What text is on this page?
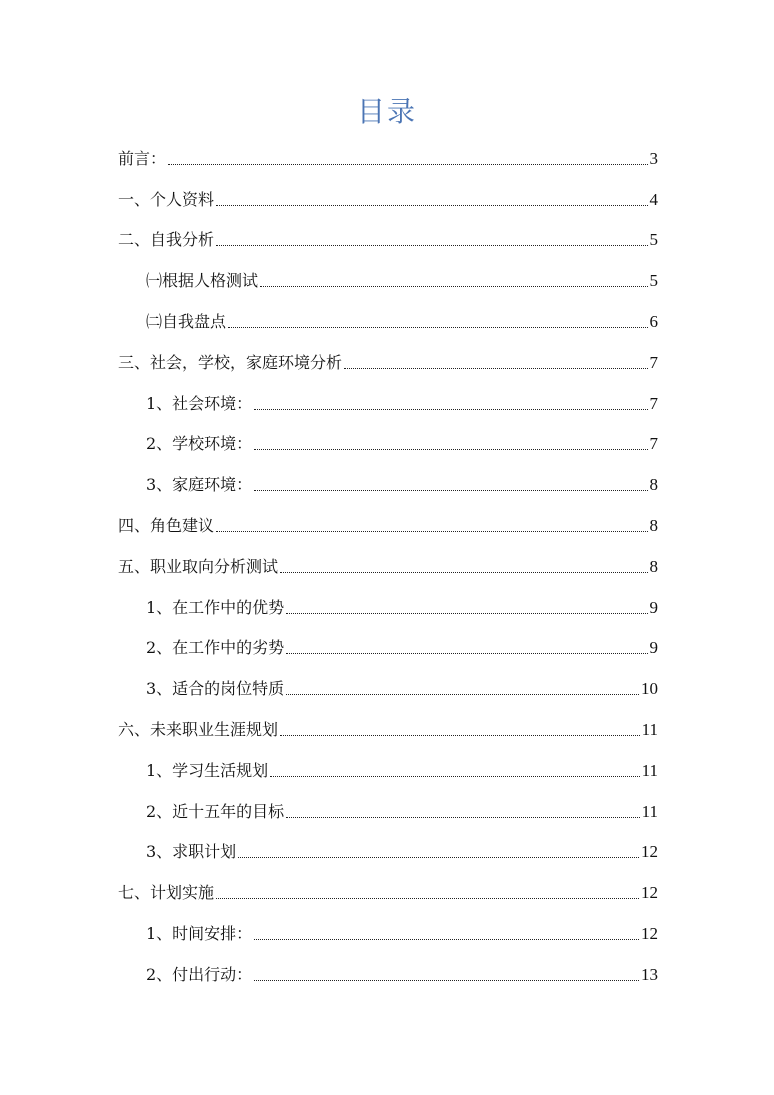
目录
前言：	3
一、个人资料	4
二、自我分析	5
㈠根据人格测试	5
㈡自我盘点	6
三、社会，学校，家庭环境分析	7
1、社会环境：	7
2、学校环境：	7
3、家庭环境：	8
四、角色建议	8
五、职业取向分析测试	8
1、在工作中的优势	9
2、在工作中的劣势	9
3、适合的岗位特质	10
六、未来职业生涯规划	11
1、学习生活规划	11
2、近十五年的目标	11
3、求职计划	12
七、计划实施	12
1、时间安排：	12
2、付出行动：	13
